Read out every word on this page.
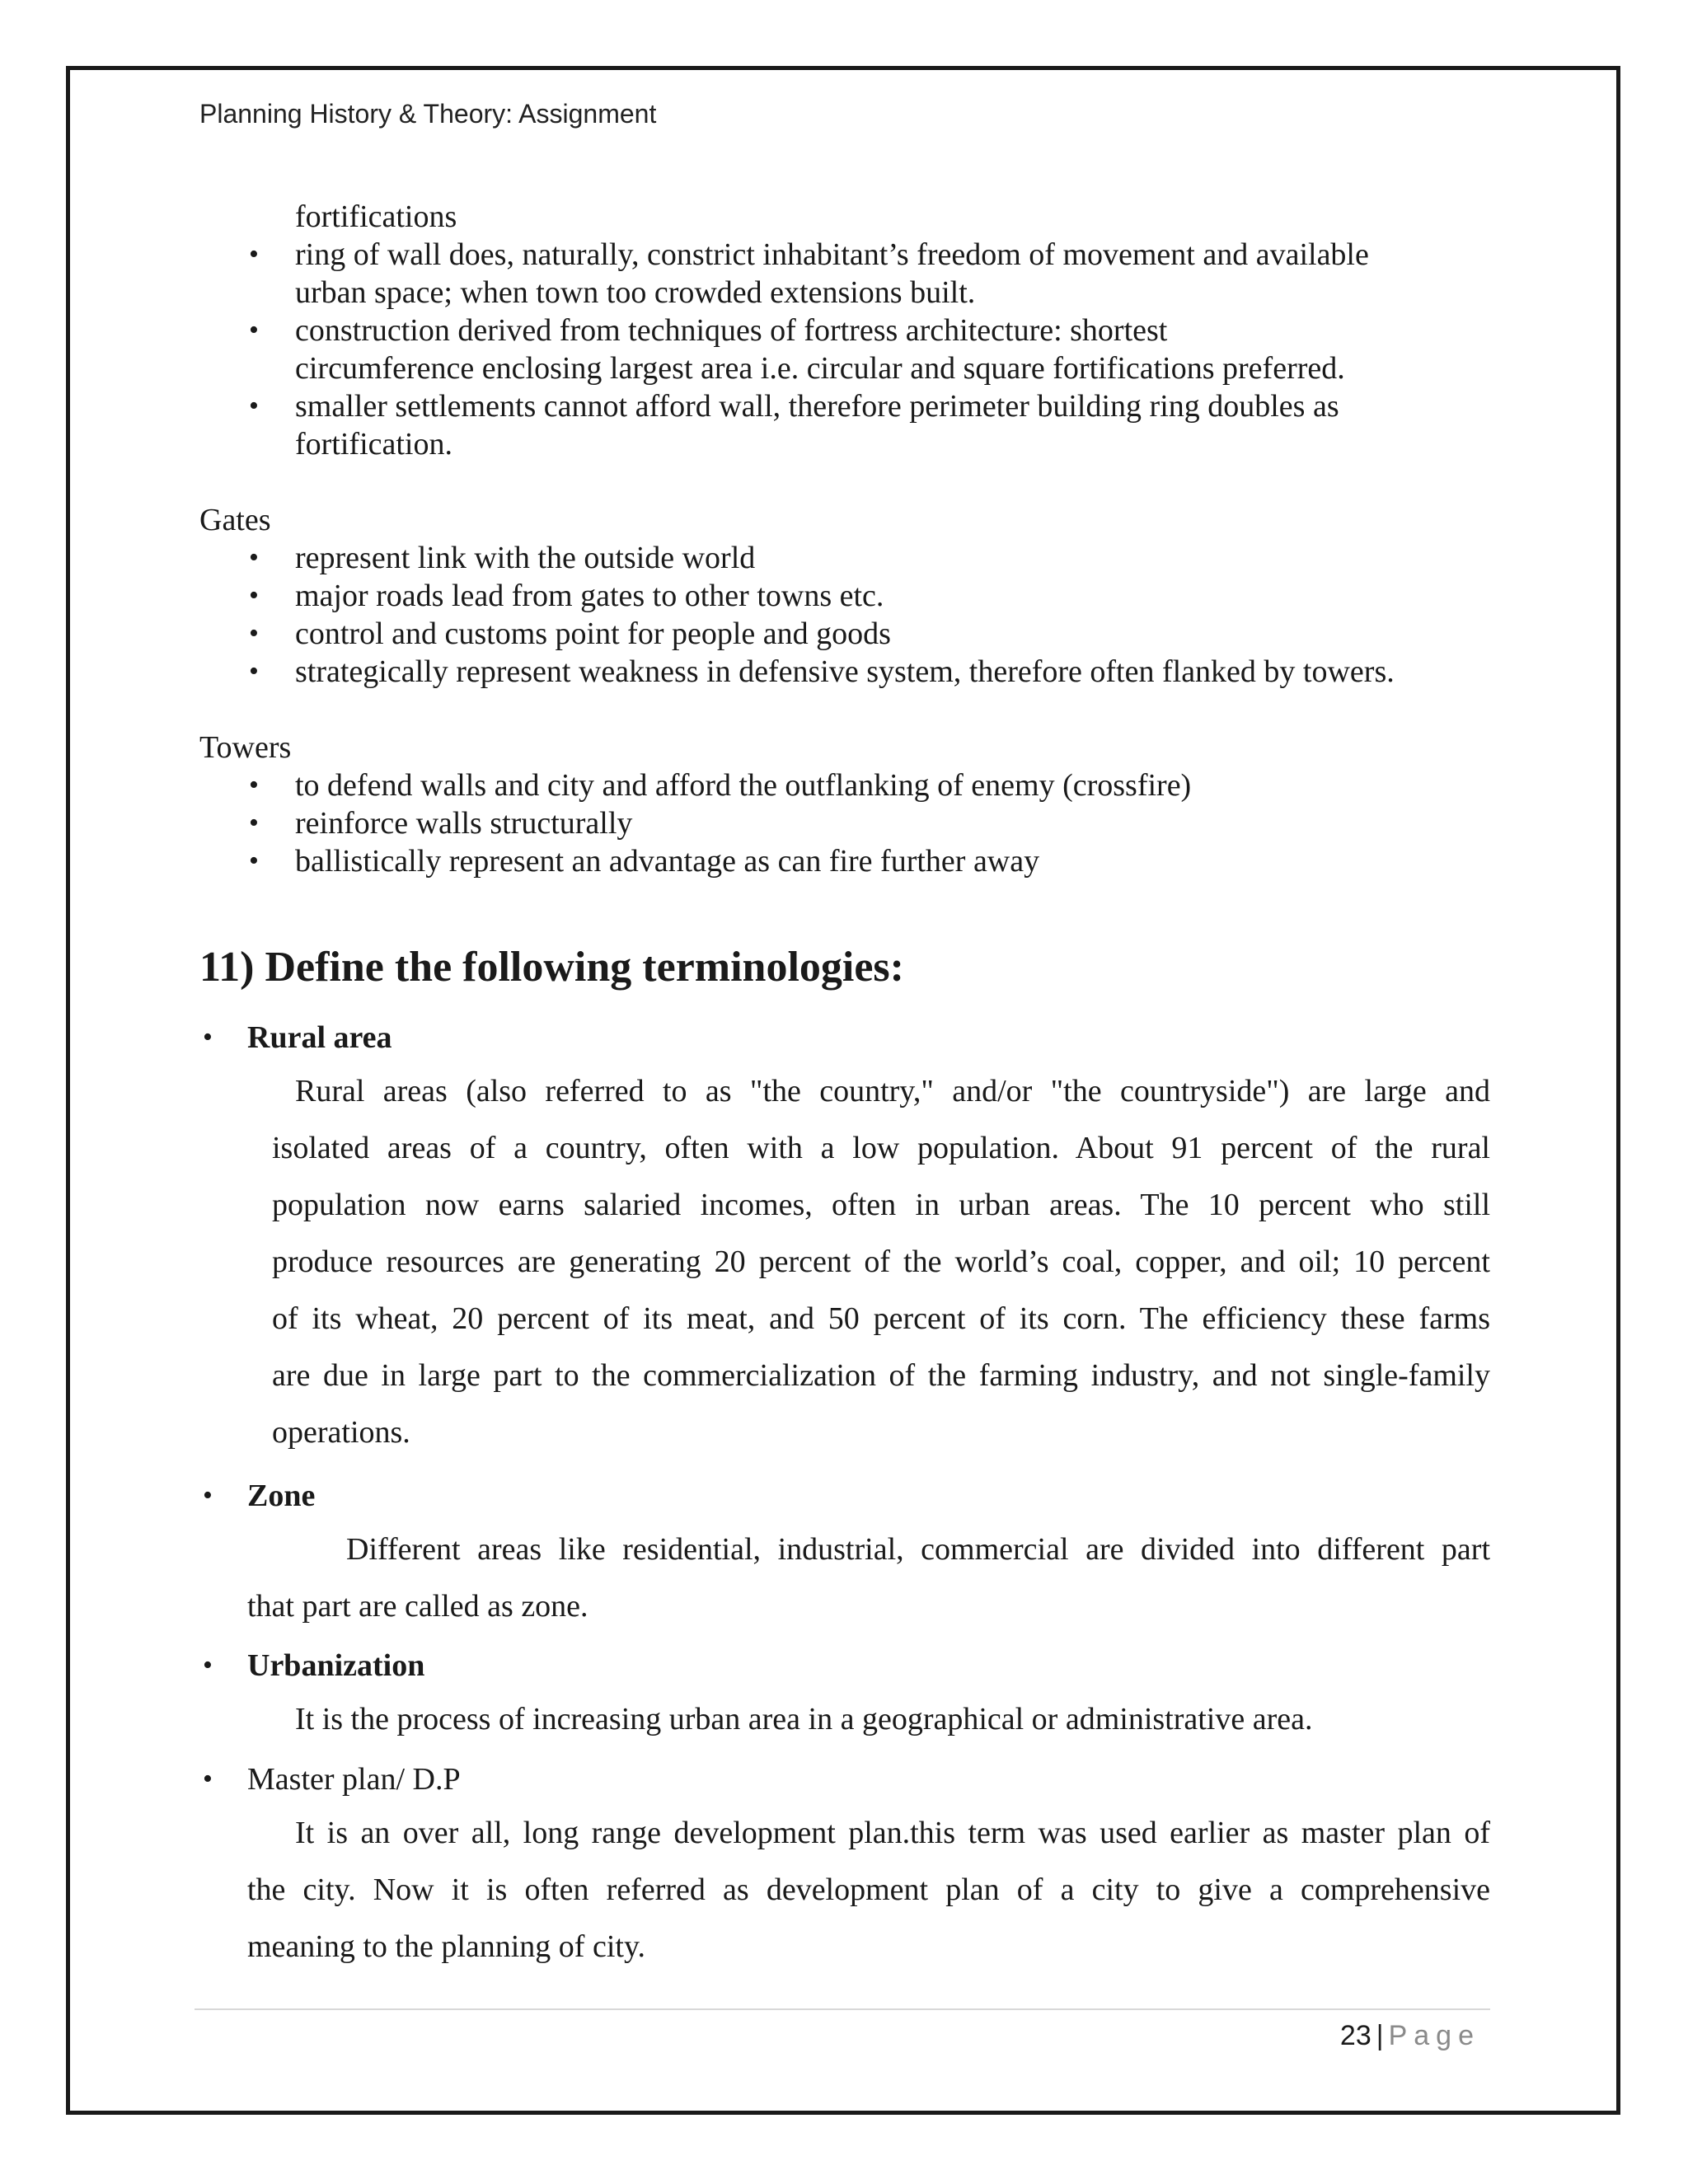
Planning History & Theory: Assignment
fortifications
• ring of wall does, naturally, constrict inhabitant’s freedom of movement and available
urban space; when town too crowded extensions built.
• construction derived from techniques of fortress architecture: shortest
circumference enclosing largest area i.e. circular and square fortifications preferred.
• smaller settlements cannot afford wall, therefore perimeter building ring doubles as
fortification.
Gates
• represent link with the outside world
• major roads lead from gates to other towns etc.
• control and customs point for people and goods
• strategically represent weakness in defensive system, therefore often flanked by towers.
Towers
• to defend walls and city and afford the outflanking of enemy (crossfire)
• reinforce walls structurally
• ballistically represent an advantage as can fire further away
11) Define the following terminologies:
• Rural area
Rural areas (also referred to as "the country," and/or "the countryside") are large and
isolated areas of a country, often with a low population. About 91 percent of the rural
population now earns salaried incomes, often in urban areas. The 10 percent who still
produce resources are generating 20 percent of the world’s coal, copper, and oil; 10 percent
of its wheat, 20 percent of its meat, and 50 percent of its corn. The efficiency these farms
are due in large part to the commercialization of the farming industry, and not single-family
operations.
• Zone
Different areas like residential, industrial, commercial are divided into different part
that part are called as zone.
• Urbanization
It is the process of increasing urban area in a geographical or administrative area.
• Master plan/ D.P
It is an over all, long range development plan.this term was used earlier as master plan of
the city. Now it is often referred as development plan of a city to give a comprehensive
meaning to the planning of city.
23 | Page
